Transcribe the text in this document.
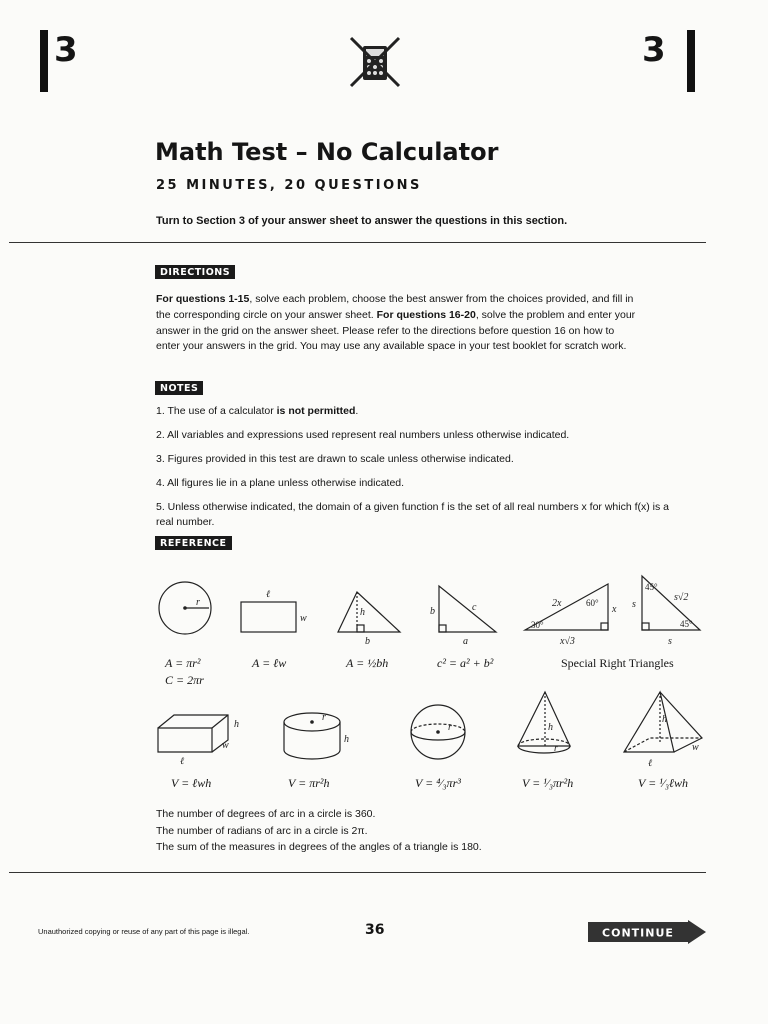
3	3
Math Test – No Calculator
25 MINUTES, 20 QUESTIONS
Turn to Section 3 of your answer sheet to answer the questions in this section.
DIRECTIONS
For questions 1-15, solve each problem, choose the best answer from the choices provided, and fill in the corresponding circle on your answer sheet. For questions 16-20, solve the problem and enter your answer in the grid on the answer sheet. Please refer to the directions before question 16 on how to enter your answers in the grid. You may use any available space in your test booklet for scratch work.
NOTES
1. The use of a calculator is not permitted.
2. All variables and expressions used represent real numbers unless otherwise indicated.
3. Figures provided in this test are drawn to scale unless otherwise indicated.
4. All figures lie in a plane unless otherwise indicated.
5. Unless otherwise indicated, the domain of a given function f is the set of all real numbers x for which f(x) is a real number.
REFERENCE
r
ℓ
w
h
b
b	c
a
2x
x
60°
30°
x√3
45°
45°
s
s
s√2
h
w
ℓ
r
h
r	h
r
h
w
ℓ
A = πr²
C = 2πr
A = ℓw	A = ½bh	c² = a² + b²	Special Right Triangles
V = ℓwh	V = πr²h	V = ⁴⁄₃πr³	V = ¹⁄₃πr²h	V = ¹⁄₃ℓwh
The number of degrees of arc in a circle is 360.
The number of radians of arc in a circle is 2π.
The sum of the measures in degrees of the angles of a triangle is 180.
Unauthorized copying or reuse of any part of this page is illegal.	36	CONTINUE
